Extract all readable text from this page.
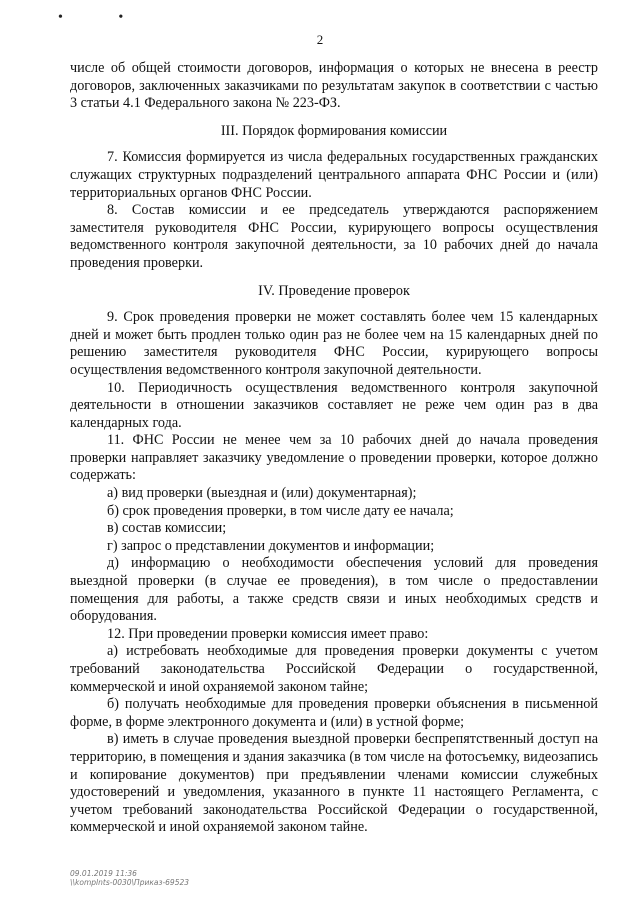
• •
2

числе об общей стоимости договоров, информация о которых не внесена в реестр договоров, заключенных заказчиками по результатам закупок в соответствии с частью 3 статьи 4.1 Федерального закона № 223-ФЗ.

III. Порядок формирования комиссии

7. Комиссия формируется из числа федеральных государственных гражданских служащих структурных подразделений центрального аппарата ФНС России и (или) территориальных органов ФНС России.

8. Состав комиссии и ее председатель утверждаются распоряжением заместителя руководителя ФНС России, курирующего вопросы осуществления ведомственного контроля закупочной деятельности, за 10 рабочих дней до начала проведения проверки.

IV. Проведение проверок

9. Срок проведения проверки не может составлять более чем 15 календарных дней и может быть продлен только один раз не более чем на 15 календарных дней по решению заместителя руководителя ФНС России, курирующего вопросы осуществления ведомственного контроля закупочной деятельности.

10. Периодичность осуществления ведомственного контроля закупочной деятельности в отношении заказчиков составляет не реже чем один раз в два календарных года.

11. ФНС России не менее чем за 10 рабочих дней до начала проведения проверки направляет заказчику уведомление о проведении проверки, которое должно содержать:

а) вид проверки (выездная и (или) документарная);

б) срок проведения проверки, в том числе дату ее начала;

в) состав комиссии;

г) запрос о представлении документов и информации;

д) информацию о необходимости обеспечения условий для проведения выездной проверки (в случае ее проведения), в том числе о предоставлении помещения для работы, а также средств связи и иных необходимых средств и оборудования.

12. При проведении проверки комиссия имеет право:

а) истребовать необходимые для проведения проверки документы с учетом требований законодательства Российской Федерации о государственной, коммерческой и иной охраняемой законом тайне;

б) получать необходимые для проведения проверки объяснения в письменной форме, в форме электронного документа и (или) в устной форме;

в) иметь в случае проведения выездной проверки беспрепятственный доступ на территорию, в помещения и здания заказчика (в том числе на фотосъемку, видеозапись и копирование документов) при предъявлении членами комиссии служебных удостоверений и уведомления, указанного в пункте 11 настоящего Регламента, с учетом требований законодательства Российской Федерации о государственной, коммерческой и иной охраняемой законом тайне.

09.01.2019 11:36
\\komplnts-0030\Приказ-69523
